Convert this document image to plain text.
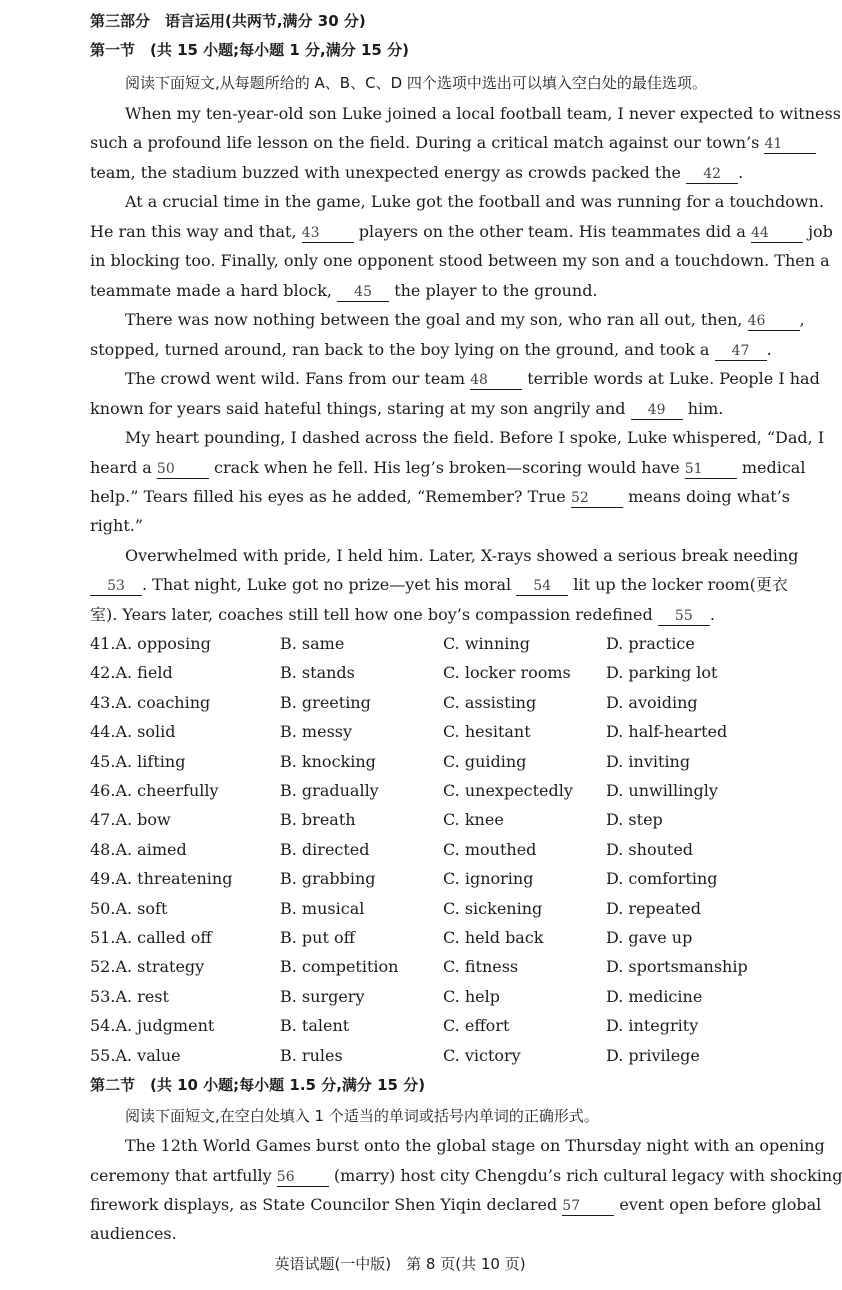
第三部分　语言运用(共两节,满分 30 分)
第一节　(共 15 小题;每小题 1 分,满分 15 分)
阅读下面短文,从每题所给的 A、B、C、D 四个选项中选出可以填入空白处的最佳选项。
When my ten-year-old son Luke joined a local football team, I never expected to witness
such a profound life lesson on the field. During a critical match against our town’s 41
team, the stadium buzzed with unexpected energy as crowds packed the 42 .
At a crucial time in the game, Luke got the football and was running for a touchdown.
He ran this way and that, 43 players on the other team. His teammates did a 44 job
in blocking too. Finally, only one opponent stood between my son and a touchdown. Then a
teammate made a hard block, 45 the player to the ground.
There was now nothing between the goal and my son, who ran all out, then, 46 ,
stopped, turned around, ran back to the boy lying on the ground, and took a 47 .
The crowd went wild. Fans from our team 48 terrible words at Luke. People I had
known for years said hateful things, staring at my son angrily and 49 him.
My heart pounding, I dashed across the field. Before I spoke, Luke whispered, “Dad, I
heard a 50 crack when he fell. His leg’s broken—scoring would have 51 medical
help.” Tears filled his eyes as he added, “Remember? True 52 means doing what’s
right.”
Overwhelmed with pride, I held him. Later, X-rays showed a serious break needing
53 . That night, Luke got no prize—yet his moral 54 lit up the locker room(更衣
室). Years later, coaches still tell how one boy’s compassion redefined 55 .
41.A. opposing	B. same	C. winning	D. practice
42.A. field	B. stands	C. locker rooms D. parking lot
43.A. coaching	B. greeting	C. assisting	D. avoiding
44.A. solid	B. messy	C. hesitant	D. half-hearted
45.A. lifting	B. knocking	C. guiding	D. inviting
46.A. cheerfully	B. gradually	C. unexpectedly D. unwillingly
47.A. bow	B. breath	C. knee	D. step
48.A. aimed	B. directed	C. mouthed	D. shouted
49.A. threatening	B. grabbing	C. ignoring	D. comforting
50.A. soft	B. musical	C. sickening	D. repeated
51.A. called off	B. put off	C. held back	D. gave up
52.A. strategy	B. competition	C. fitness	D. sportsmanship
53.A. rest	B. surgery	C. help	D. medicine
54.A. judgment	B. talent	C. effort	D. integrity
55.A. value	B. rules	C. victory	D. privilege
第二节　(共 10 小题;每小题 1.5 分,满分 15 分)
阅读下面短文,在空白处填入 1 个适当的单词或括号内单词的正确形式。
The 12th World Games burst onto the global stage on Thursday night with an opening
ceremony that artfully 56 (marry) host city Chengdu’s rich cultural legacy with shocking
firework displays, as State Councilor Shen Yiqin declared 57 event open before global
audiences.
英语试题(一中版)　第 8 页(共 10 页)
